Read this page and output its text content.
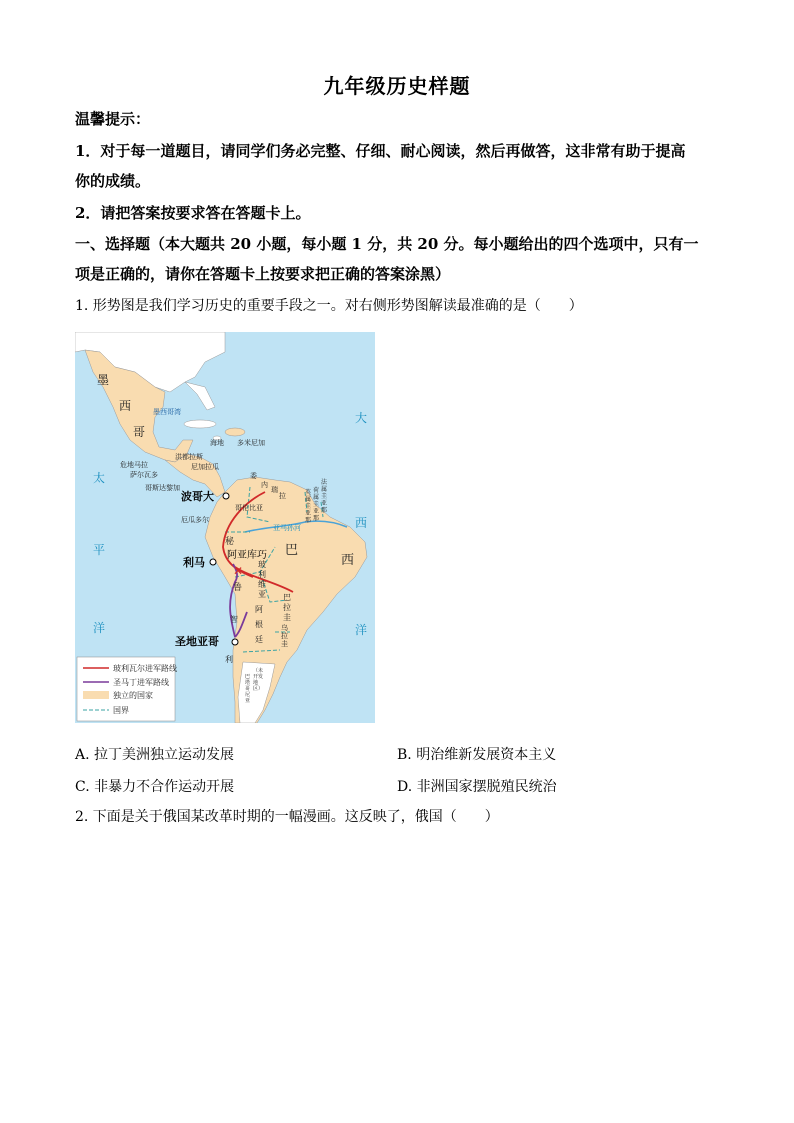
九年级历史样题
温馨提示：
1．对于每一道题目，请同学们务必完整、仔细、耐心阅读，然后再做答，这非常有助于提高
你的成绩。
2．请把答案按要求答在答题卡上。
一、选择题（本大题共 20 小题，每小题 1 分，共 20 分。每小题给出的四个选项中，只有一
项是正确的，请你在答题卡上按要求把正确的答案涂黑）
1. 形势图是我们学习历史的重要手段之一。对右侧形势图解读最准确的是（　　）
✕
墨
西
哥
墨西哥湾
危地马拉
萨尔瓦多
洪都拉斯
尼加拉瓜
哥斯达黎加
海地 多米尼加
委
内
瑞
拉
哥伦比亚
厄瓜多尔
秘
鲁
巴
西
玻
利
维
亚 巴
拉
圭
阿
根
廷
乌
拉
圭
智
利
英
属
圭
亚
那
荷
属
圭
亚
那
法
属
圭
亚
那
（未
开发
地
区）
巴
塔
哥
尼
亚
亚马孙河
大
西
洋
太
平
洋
波哥大
利马
阿亚库巧
圣地亚哥
玻利瓦尔进军路线
圣马丁进军路线
独立的国家
国界
A. 拉丁美洲独立运动发展	B. 明治维新发展资本主义
C. 非暴力不合作运动开展	D. 非洲国家摆脱殖民统治
2. 下面是关于俄国某改革时期的一幅漫画。这反映了，俄国（　　）
